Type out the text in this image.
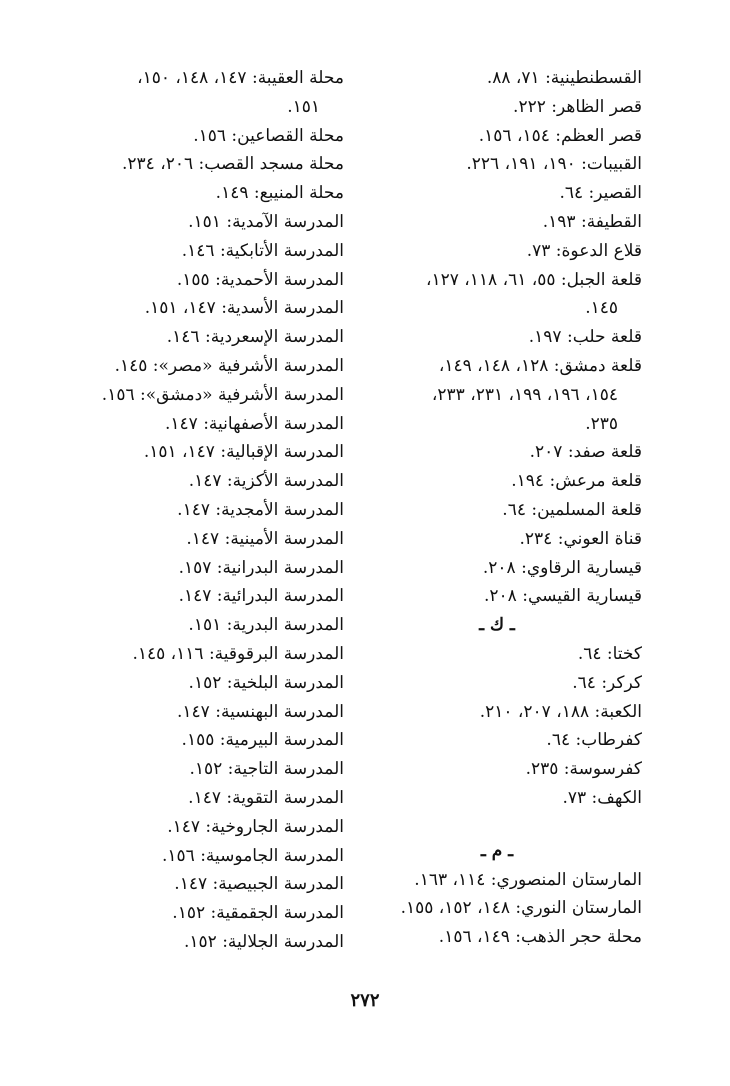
القسطنطينية: ٧١، ٨٨.
قصر الظاهر: ٢٢٢.
قصر العظم: ١٥٤، ١٥٦.
القبيبات: ١٩٠، ١٩١، ٢٢٦.
القصير: ٦٤.
القطيفة: ١٩٣.
قلاع الدعوة: ٧٣.
قلعة الجبل: ٥٥، ٦١، ١١٨، ١٢٧،
١٤٥.
قلعة حلب: ١٩٧.
قلعة دمشق: ١٢٨، ١٤٨، ١٤٩،
١٥٤، ١٩٦، ١٩٩، ٢٣١، ٢٣٣،
٢٣٥.
قلعة صفد: ٢٠٧.
قلعة مرعش: ١٩٤.
قلعة المسلمين: ٦٤.
قناة العوني: ٢٣٤.
قيسارية الرقاوي: ٢٠٨.
قيسارية القيسي: ٢٠٨.
ـ ك ـ
كختا: ٦٤.
كركر: ٦٤.
الكعبة: ١٨٨، ٢٠٧، ٢١٠.
كفرطاب: ٦٤.
كفرسوسة: ٢٣٥.
الكهف: ٧٣.
ـ م ـ
المارستان المنصوري: ١١٤، ١٦٣.
المارستان النوري: ١٤٨، ١٥٢، ١٥٥.
محلة حجر الذهب: ١٤٩، ١٥٦.
محلة العقيبة: ١٤٧، ١٤٨، ١٥٠،
١٥١.
محلة القصاعين: ١٥٦.
محلة مسجد القصب: ٢٠٦، ٢٣٤.
محلة المنيبع: ١٤٩.
المدرسة الآمدية: ١٥١.
المدرسة الأتابكية: ١٤٦.
المدرسة الأحمدية: ١٥٥.
المدرسة الأسدية: ١٤٧، ١٥١.
المدرسة الإسعردية: ١٤٦.
المدرسة الأشرفية «مصر»: ١٤٥.
المدرسة الأشرفية «دمشق»: ١٥٦.
المدرسة الأصفهانية: ١٤٧.
المدرسة الإقبالية: ١٤٧، ١٥١.
المدرسة الأكزية: ١٤٧.
المدرسة الأمجدية: ١٤٧.
المدرسة الأمينية: ١٤٧.
المدرسة البدرانية: ١٥٧.
المدرسة البدرائية: ١٤٧.
المدرسة البدرية: ١٥١.
المدرسة البرقوقية: ١١٦، ١٤٥.
المدرسة البلخية: ١٥٢.
المدرسة البهنسية: ١٤٧.
المدرسة البيرمية: ١٥٥.
المدرسة التاجية: ١٥٢.
المدرسة التقوية: ١٤٧.
المدرسة الجاروخية: ١٤٧.
المدرسة الجاموسية: ١٥٦.
المدرسة الجبيصية: ١٤٧.
المدرسة الجقمقية: ١٥٢.
المدرسة الجلالية: ١٥٢.
٢٧٢
